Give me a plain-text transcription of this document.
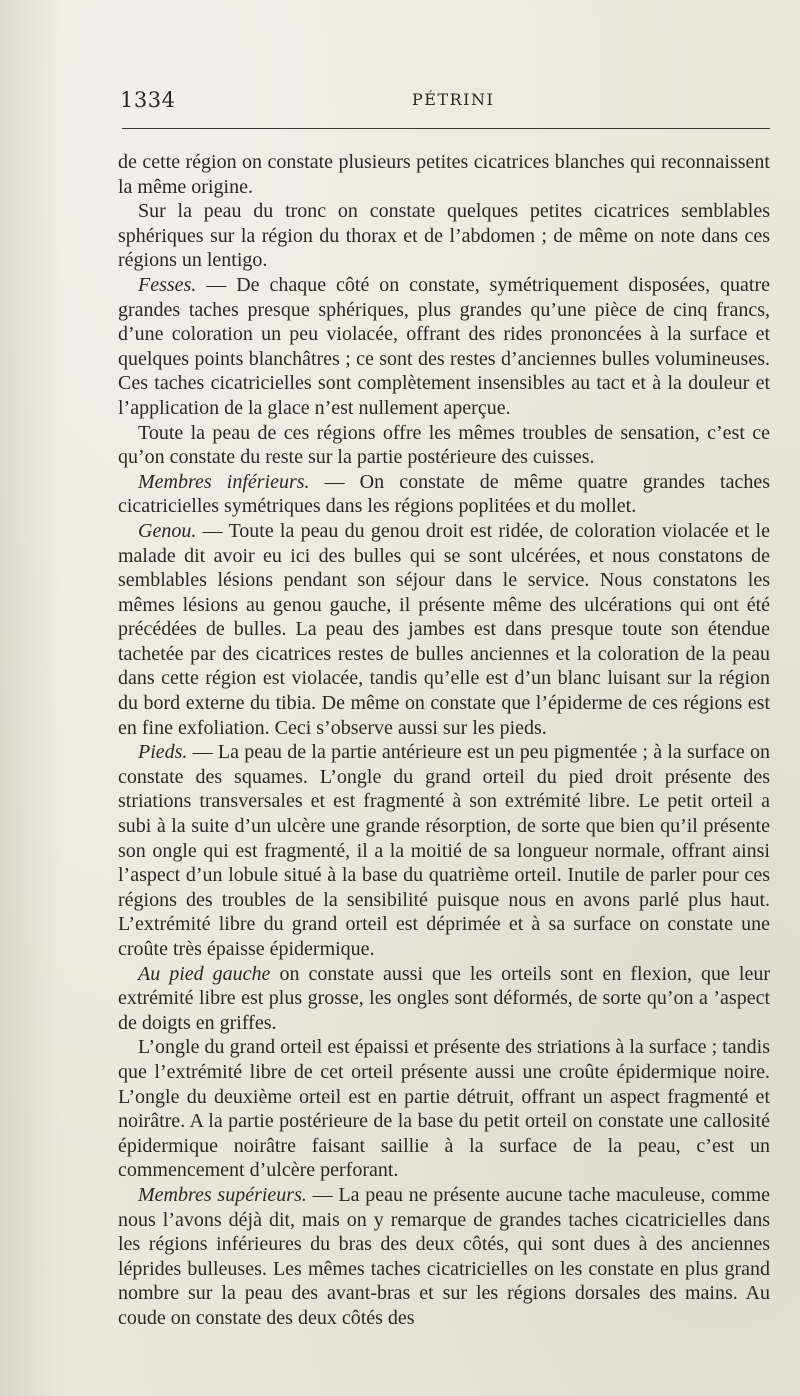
1334	PÉTRINI

de cette région on constate plusieurs petites cicatrices blanches qui reconnaissent la même origine.

Sur la peau du tronc on constate quelques petites cicatrices semblables sphériques sur la région du thorax et de l’abdomen ; de même on note dans ces régions un lentigo.

Fesses. — De chaque côté on constate, symétriquement disposées, quatre grandes taches presque sphériques, plus grandes qu’une pièce de cinq francs, d’une coloration un peu violacée, offrant des rides prononcées à la surface et quelques points blanchâtres ; ce sont des restes d’anciennes bulles volumineuses. Ces taches cicatricielles sont complètement insensibles au tact et à la douleur et l’application de la glace n’est nullement aperçue.

Toute la peau de ces régions offre les mêmes troubles de sensation, c’est ce qu’on constate du reste sur la partie postérieure des cuisses.

Membres inférieurs. — On constate de même quatre grandes taches cicatricielles symétriques dans les régions poplitées et du mollet.

Genou. — Toute la peau du genou droit est ridée, de coloration violacée et le malade dit avoir eu ici des bulles qui se sont ulcérées, et nous constatons de semblables lésions pendant son séjour dans le service. Nous constatons les mêmes lésions au genou gauche, il présente même des ulcérations qui ont été précédées de bulles. La peau des jambes est dans presque toute son étendue tachetée par des cicatrices restes de bulles anciennes et la coloration de la peau dans cette région est violacée, tandis qu’elle est d’un blanc luisant sur la région du bord externe du tibia. De même on constate que l’épiderme de ces régions est en fine exfoliation. Ceci s’observe aussi sur les pieds.

Pieds. — La peau de la partie antérieure est un peu pigmentée ; à la surface on constate des squames. L’ongle du grand orteil du pied droit présente des striations transversales et est fragmenté à son extrémité libre. Le petit orteil a subi à la suite d’un ulcère une grande résorption, de sorte que bien qu’il présente son ongle qui est fragmenté, il a la moitié de sa longueur normale, offrant ainsi l’aspect d’un lobule situé à la base du quatrième orteil. Inutile de parler pour ces régions des troubles de la sensibilité puisque nous en avons parlé plus haut. L’extrémité libre du grand orteil est déprimée et à sa surface on constate une croûte très épaisse épidermique.

Au pied gauche on constate aussi que les orteils sont en flexion, que leur extrémité libre est plus grosse, les ongles sont déformés, de sorte qu’on a ’aspect de doigts en griffes.

L’ongle du grand orteil est épaissi et présente des striations à la surface ; tandis que l’extrémité libre de cet orteil présente aussi une croûte épidermique noire. L’ongle du deuxième orteil est en partie détruit, offrant un aspect fragmenté et noirâtre. A la partie postérieure de la base du petit orteil on constate une callosité épidermique noirâtre faisant saillie à la surface de la peau, c’est un commencement d’ulcère perforant.

Membres supérieurs. — La peau ne présente aucune tache maculeuse, comme nous l’avons déjà dit, mais on y remarque de grandes taches cicatricielles dans les régions inférieures du bras des deux côtés, qui sont dues à des anciennes léprides bulleuses. Les mêmes taches cicatricielles on les constate en plus grand nombre sur la peau des avant-bras et sur les régions dorsales des mains. Au coude on constate des deux côtés des
